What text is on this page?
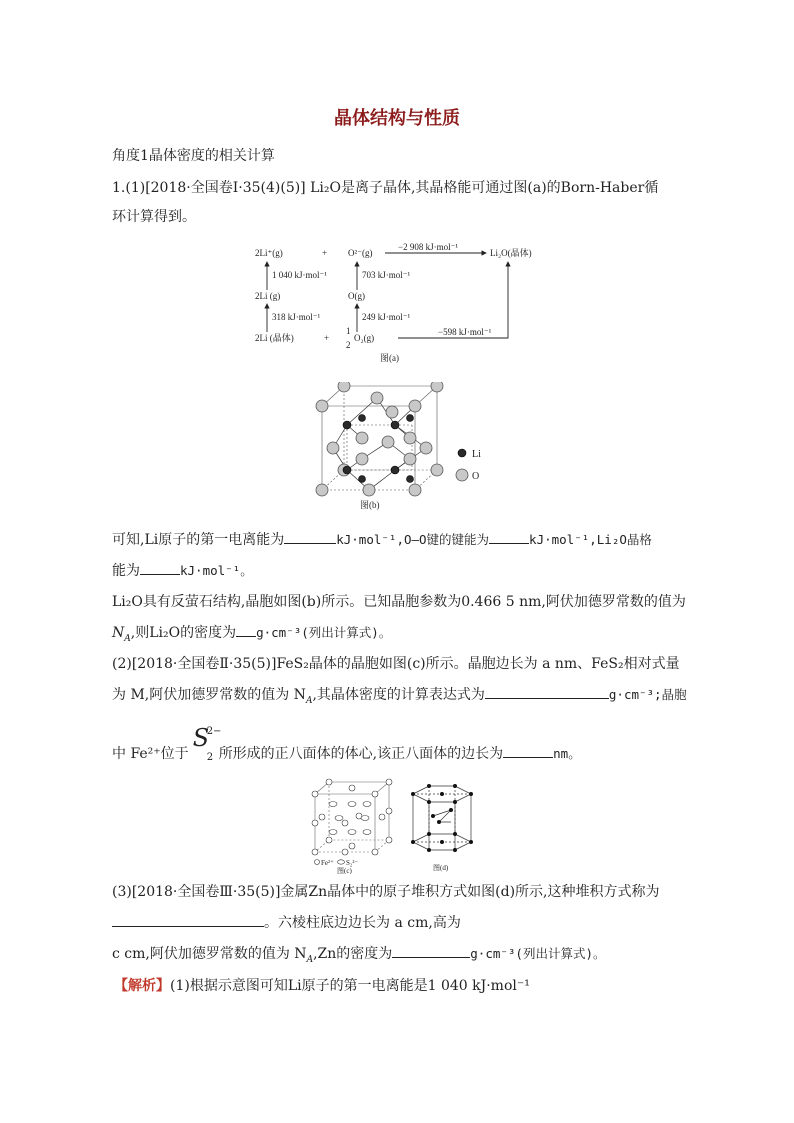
晶体结构与性质
角度1晶体密度的相关计算
1.(1)[2018·全国卷Ⅰ·35(4)(5)] Li₂O是离子晶体,其晶格能可通过图(a)的Born-Haber循
环计算得到。
2Li⁺(g)	+ O²⁻(g)
−2 908 kJ·mol⁻¹
Li₂O(晶体)
1 040 kJ·mol⁻¹	703 kJ·mol⁻¹
2Li (g)	O(g)
318 kJ·mol⁻¹	249 kJ·mol⁻¹
2Li (晶体)	+
1
2
O₂(g)
−598 kJ·mol⁻¹
图(a)
Li
O
图(b)
可知,Li原子的第一电离能为	kJ·mol⁻¹,O—O键的键能为	kJ·mol⁻¹,Li₂O晶格
能为	kJ·mol⁻¹。
Li₂O具有反萤石结构,晶胞如图(b)所示。已知晶胞参数为0.466 5 nm,阿伏加德罗常数的值为
$N_A$,则Li₂O的密度为 g·cm⁻³(列出计算式)。
(2)[2018·全国卷Ⅱ·35(5)]FeS₂晶体的晶胞如图(c)所示。晶胞边长为 a nm、FeS₂相对式量
为 M,阿伏加德罗常数的值为 $N_A$,其晶体密度的计算表达式为	g·cm⁻³;晶胞
中 Fe²⁺位于
S
2
2−
所形成的正八面体的体心,该正八面体的边长为	nm。
Fe²⁺ S₂²⁻
图(c)	图(d)
(3)[2018·全国卷Ⅲ·35(5)]金属Zn晶体中的原子堆积方式如图(d)所示,这种堆积方式称为
。六棱柱底边边长为 a cm,高为
c cm,阿伏加德罗常数的值为 $N_A,Zn$的密度为	g·cm⁻³(列出计算式)。
【解析】(1)根据示意图可知Li原子的第一电离能是1 040 kJ·mol⁻¹
